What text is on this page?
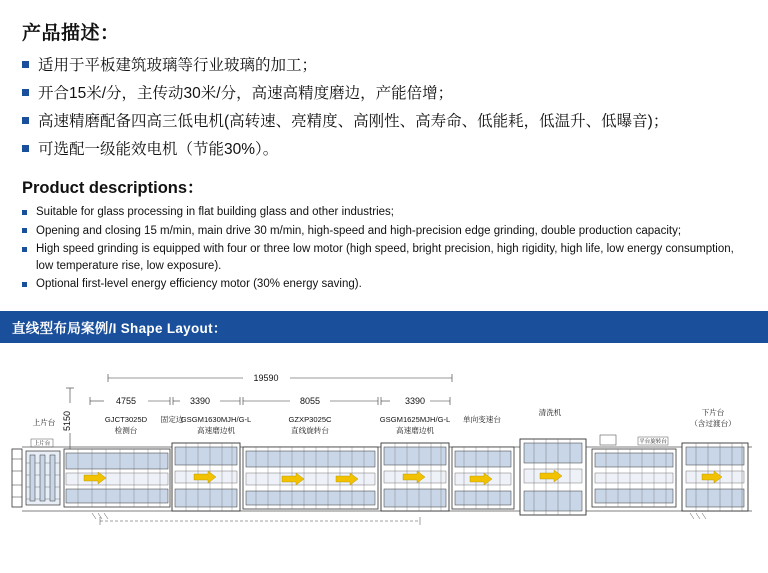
产品描述：
适用于平板建筑玻璃等行业玻璃的加工；
开合15米/分，主传动30米/分，高速高精度磨边，产能倍增；
高速精磨配备四高三低电机(高转速、亮精度、高刚性、高寿命、低能耗，低温升、低曝音)；
可选配一级能效电机（节能30%）。
Product descriptions：
Suitable for glass processing in flat building glass and other industries;
Opening and closing 15 m/min, main drive 30 m/min, high-speed and high-precision edge grinding, double production capacity;
High speed grinding is equipped with four or three low motor (high speed, bright precision, high rigidity, high life, low energy consumption, low temperature rise, low exposure).
Optional first-level energy efficiency motor (30% energy saving).
直线型布局案例/I Shape Layout：
19590
5150
4755	3390	8055	3390
上片台	GJCT3025D 固定边
检测台
GSGM1630MJH/G-L
高速磨边机
GZXP3025C
直线旋转台
GSGM1625MJH/G-L
高速磨边机
单向变速台
清洗机	下片台
（含过渡台）
上片台	平台旋转台
